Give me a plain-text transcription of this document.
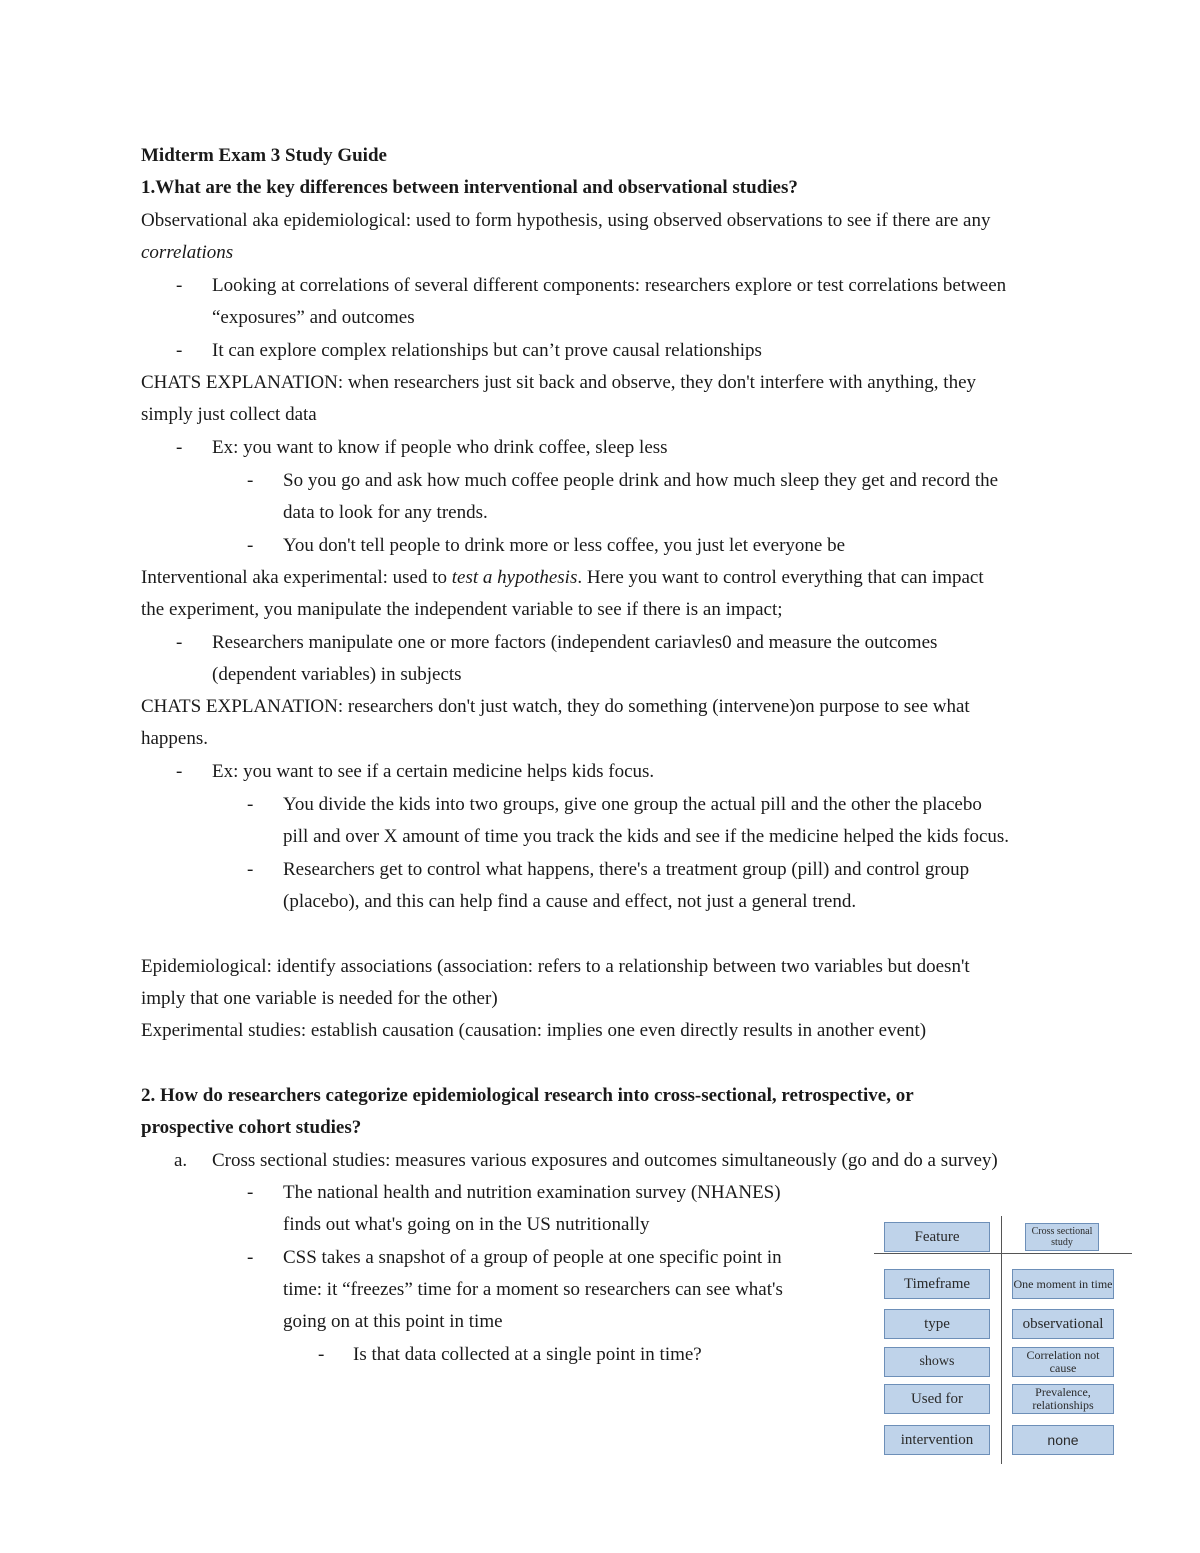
Midterm Exam 3 Study Guide
1.What are the key differences between interventional and observational studies?
Observational aka epidemiological: used to form hypothesis, using observed observations to see if there are any
correlations
- Looking at correlations of several different components: researchers explore or test correlations between
“exposures” and outcomes
- It can explore complex relationships but can’t prove causal relationships
CHATS EXPLANATION: when researchers just sit back and observe, they don't interfere with anything, they
simply just collect data
- Ex: you want to know if people who drink coffee, sleep less
- So you go and ask how much coffee people drink and how much sleep they get and record the
data to look for any trends.
- You don't tell people to drink more or less coffee, you just let everyone be
Interventional aka experimental: used to test a hypothesis. Here you want to control everything that can impact
the experiment, you manipulate the independent variable to see if there is an impact;
- Researchers manipulate one or more factors (independent cariavles0 and measure the outcomes
(dependent variables) in subjects
CHATS EXPLANATION: researchers don't just watch, they do something (intervene)on purpose to see what
happens.
- Ex: you want to see if a certain medicine helps kids focus.
- You divide the kids into two groups, give one group the actual pill and the other the placebo
pill and over X amount of time you track the kids and see if the medicine helped the kids focus.
- Researchers get to control what happens, there's a treatment group (pill) and control group
(placebo), and this can help find a cause and effect, not just a general trend.
Epidemiological: identify associations (association: refers to a relationship between two variables but doesn't
imply that one variable is needed for the other)
Experimental studies: establish causation (causation: implies one even directly results in another event)
2. How do researchers categorize epidemiological research into cross-sectional, retrospective, or
prospective cohort studies?
a. Cross sectional studies: measures various exposures and outcomes simultaneously (go and do a survey)
- The national health and nutrition examination survey (NHANES)
finds out what's going on in the US nutritionally
- CSS takes a snapshot of a group of people at one specific point in
time: it “freezes” time for a moment so researchers can see what's
going on at this point in time
- Is that data collected at a single point in time?
Feature	Cross sectional study
Timeframe	One moment in time
type	observational
shows	Correlation not cause
Used for	Prevalence, relationships
intervention	none
